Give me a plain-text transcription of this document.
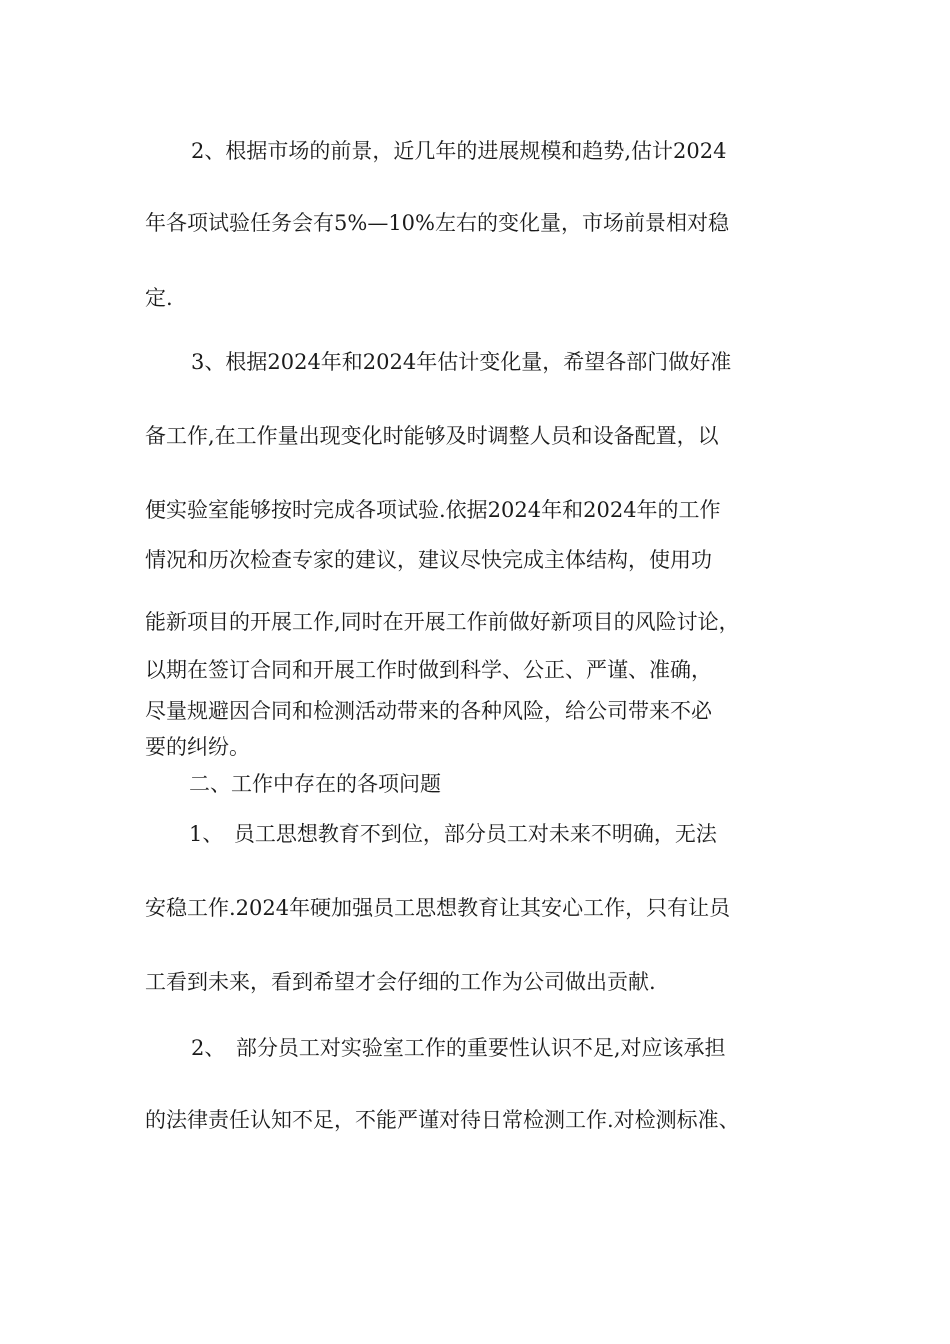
2、根据市场的前景，近几年的进展规模和趋势,估计2024
年各项试验任务会有5%—10%左右的变化量，市场前景相对稳
定.
3、根据2024年和2024年估计变化量，希望各部门做好准
备工作,在工作量出现变化时能够及时调整人员和设备配置，以
便实验室能够按时完成各项试验.依据2024年和2024年的工作
情况和历次检查专家的建议，建议尽快完成主体结构，使用功
能新项目的开展工作,同时在开展工作前做好新项目的风险讨论，
以期在签订合同和开展工作时做到科学、公正、严谨、准确，
尽量规避因合同和检测活动带来的各种风险，给公司带来不必
要的纠纷。
二、工作中存在的各项问题
1、　员工思想教育不到位，部分员工对未来不明确，无法
安稳工作.2024年硬加强员工思想教育让其安心工作，只有让员
工看到未来，看到希望才会仔细的工作为公司做出贡献.
2、　部分员工对实验室工作的重要性认识不足,对应该承担
的法律责任认知不足，不能严谨对待日常检测工作.对检测标准、
